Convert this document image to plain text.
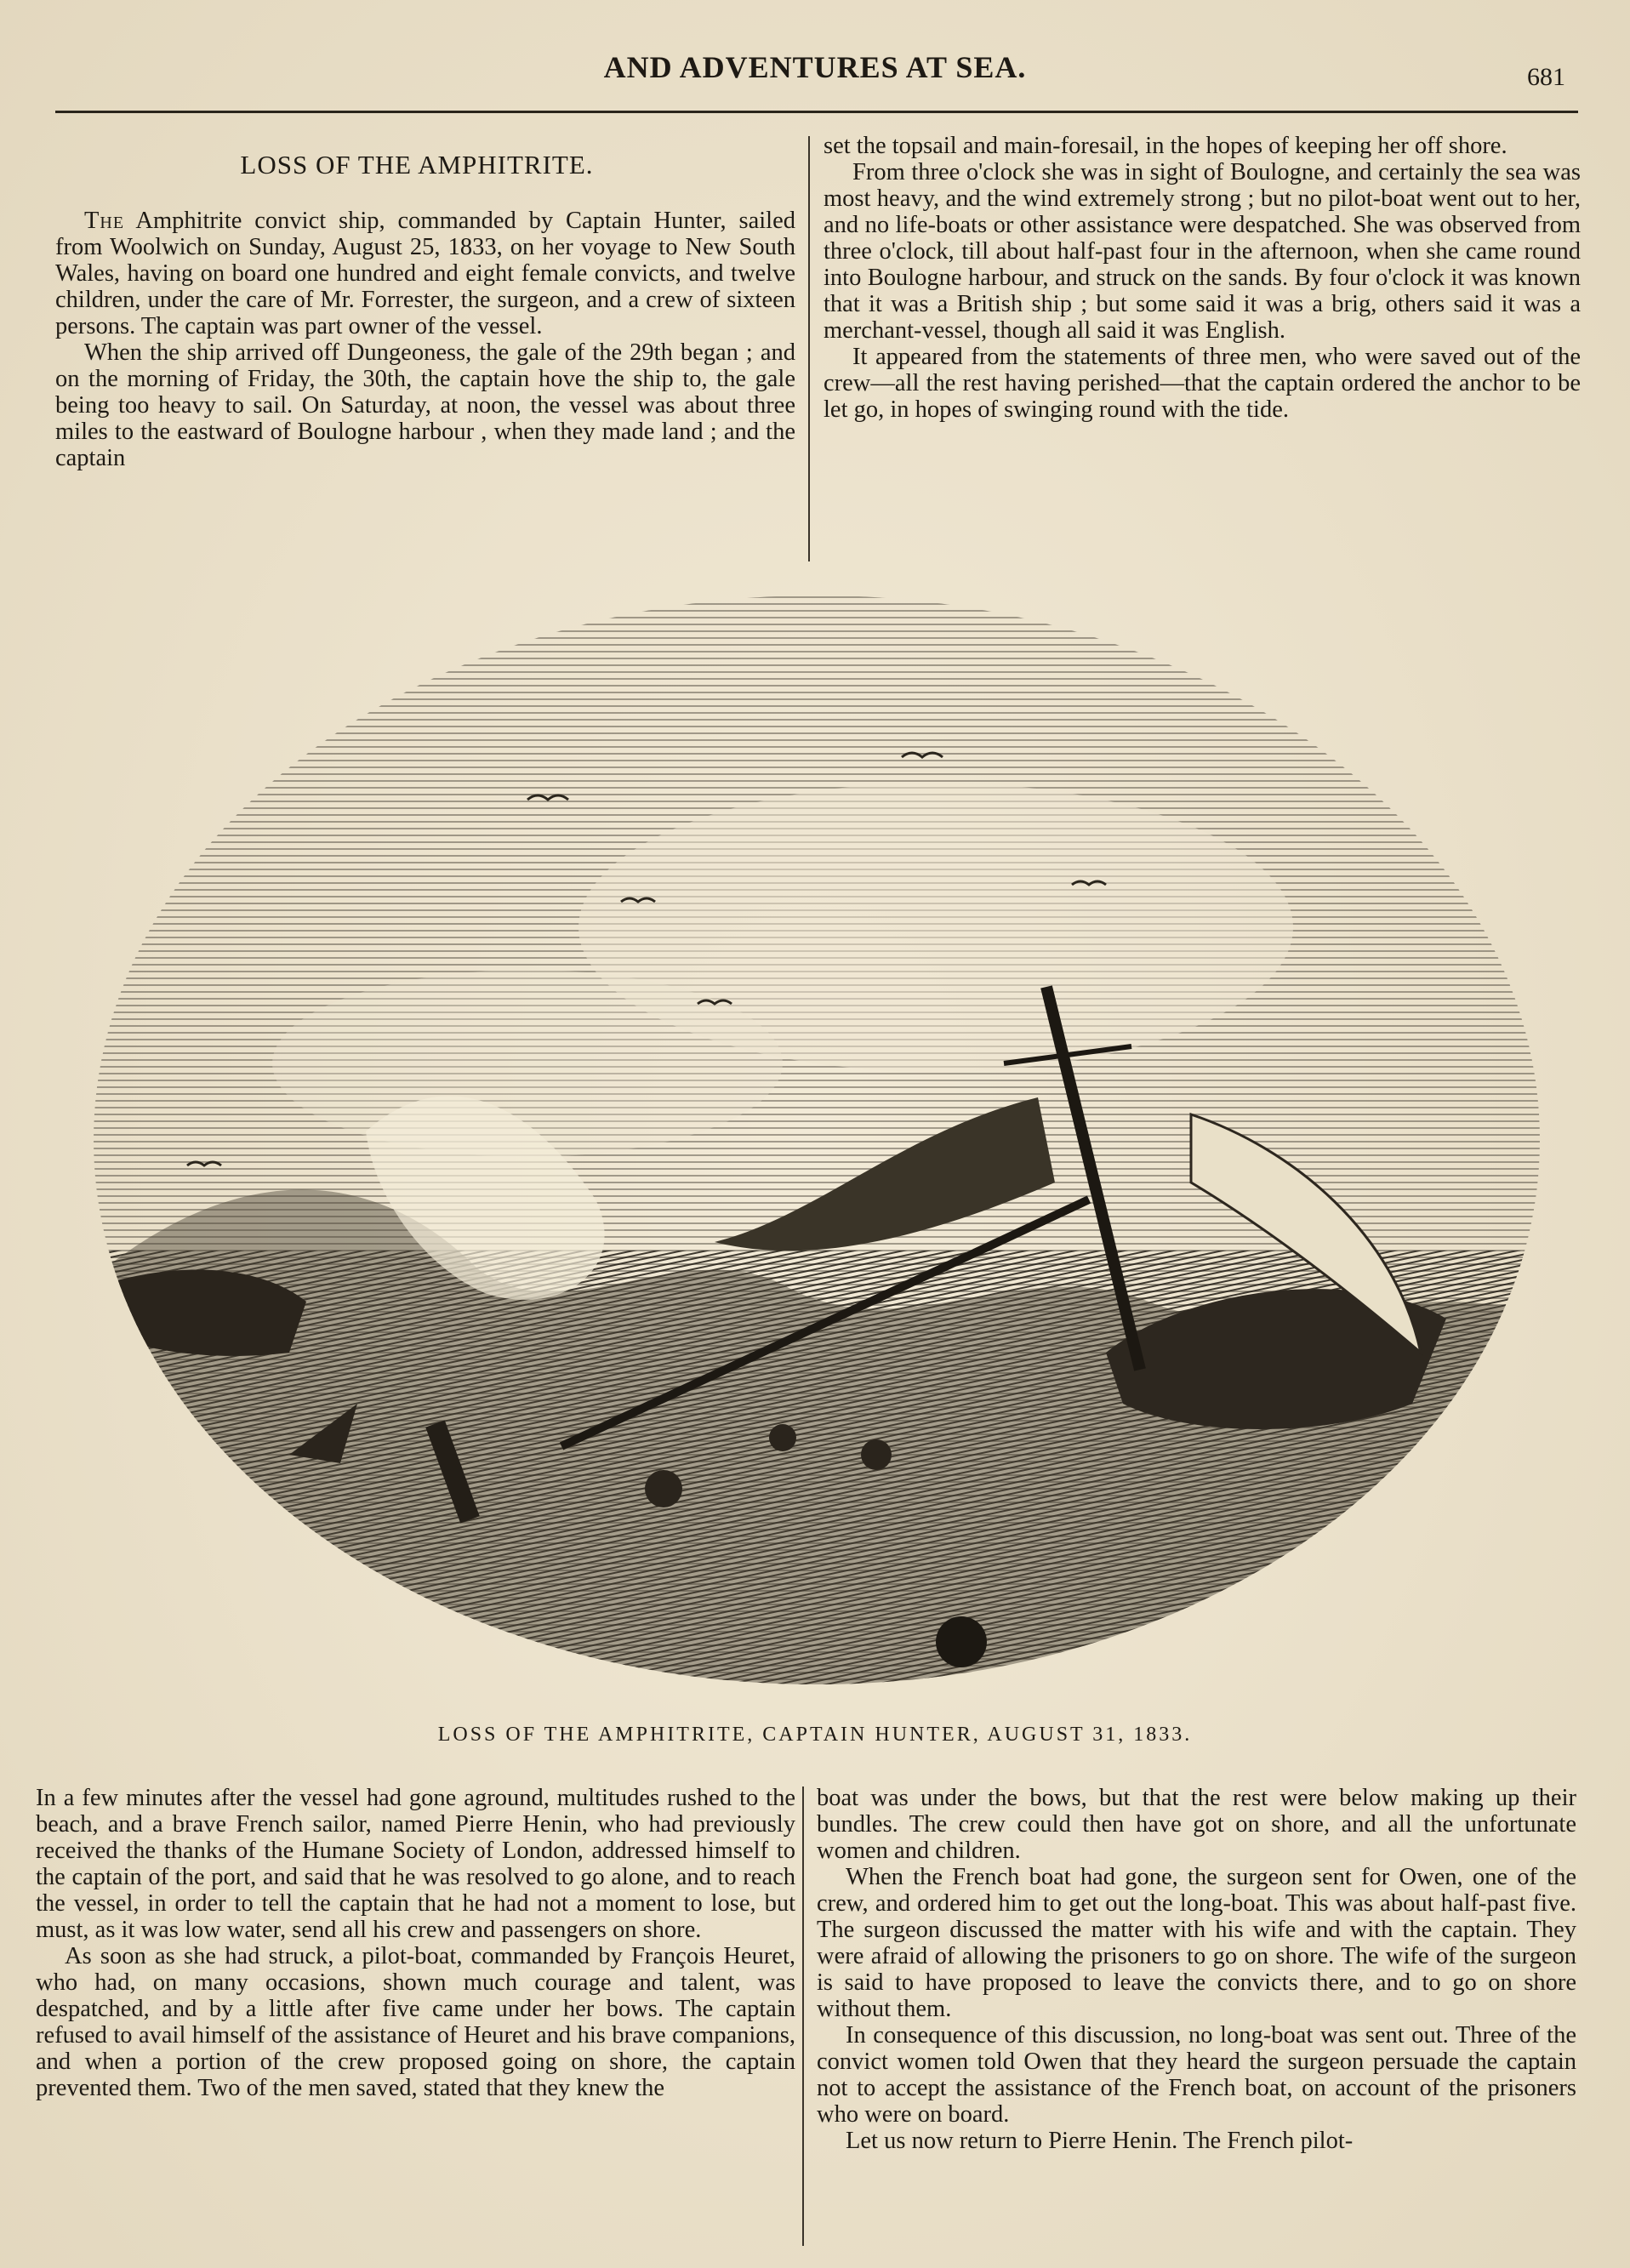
AND ADVENTURES AT SEA.	681
LOSS OF THE AMPHITRITE.

The Amphitrite convict ship, commanded by Captain Hunter, sailed from Woolwich on Sunday, August 25, 1833, on her voyage to New South Wales, having on board one hundred and eight female convicts, and twelve children, under the care of Mr. Forrester, the surgeon, and a crew of sixteen persons. The captain was part owner of the vessel.

When the ship arrived off Dungeoness, the gale of the 29th began ; and on the morning of Friday, the 30th, the captain hove the ship to, the gale being too heavy to sail. On Saturday, at noon, the vessel was about three miles to the eastward of Boulogne harbour , when they made land ; and the captain

set the topsail and main-foresail, in the hopes of keeping her off shore.

From three o'clock she was in sight of Boulogne, and certainly the sea was most heavy, and the wind extremely strong ; but no pilot-boat went out to her, and no life-boats or other assistance were despatched. She was observed from three o'clock, till about half-past four in the afternoon, when she came round into Boulogne harbour, and struck on the sands. By four o'clock it was known that it was a British ship ; but some said it was a brig, others said it was a merchant-vessel, though all said it was English.

It appeared from the statements of three men, who were saved out of the crew—all the rest having perished—that the captain ordered the anchor to be let go, in hopes of swinging round with the tide.

LOSS OF THE AMPHITRITE, CAPTAIN HUNTER, AUGUST 31, 1833.

In a few minutes after the vessel had gone aground, multitudes rushed to the beach, and a brave French sailor, named Pierre Henin, who had previously received the thanks of the Humane Society of London, addressed himself to the captain of the port, and said that he was resolved to go alone, and to reach the vessel, in order to tell the captain that he had not a moment to lose, but must, as it was low water, send all his crew and passengers on shore.

As soon as she had struck, a pilot-boat, commanded by François Heuret, who had, on many occasions, shown much courage and talent, was despatched, and by a little after five came under her bows. The captain refused to avail himself of the assistance of Heuret and his brave companions, and when a portion of the crew proposed going on shore, the captain prevented them. Two of the men saved, stated that they knew the

boat was under the bows, but that the rest were below making up their bundles. The crew could then have got on shore, and all the unfortunate women and children.

When the French boat had gone, the surgeon sent for Owen, one of the crew, and ordered him to get out the long-boat. This was about half-past five. The surgeon discussed the matter with his wife and with the captain. They were afraid of allowing the prisoners to go on shore. The wife of the surgeon is said to have proposed to leave the convicts there, and to go on shore without them.

In consequence of this discussion, no long-boat was sent out. Three of the convict women told Owen that they heard the surgeon persuade the captain not to accept the assistance of the French boat, on account of the prisoners who were on board.

Let us now return to Pierre Henin. The French pilot-
